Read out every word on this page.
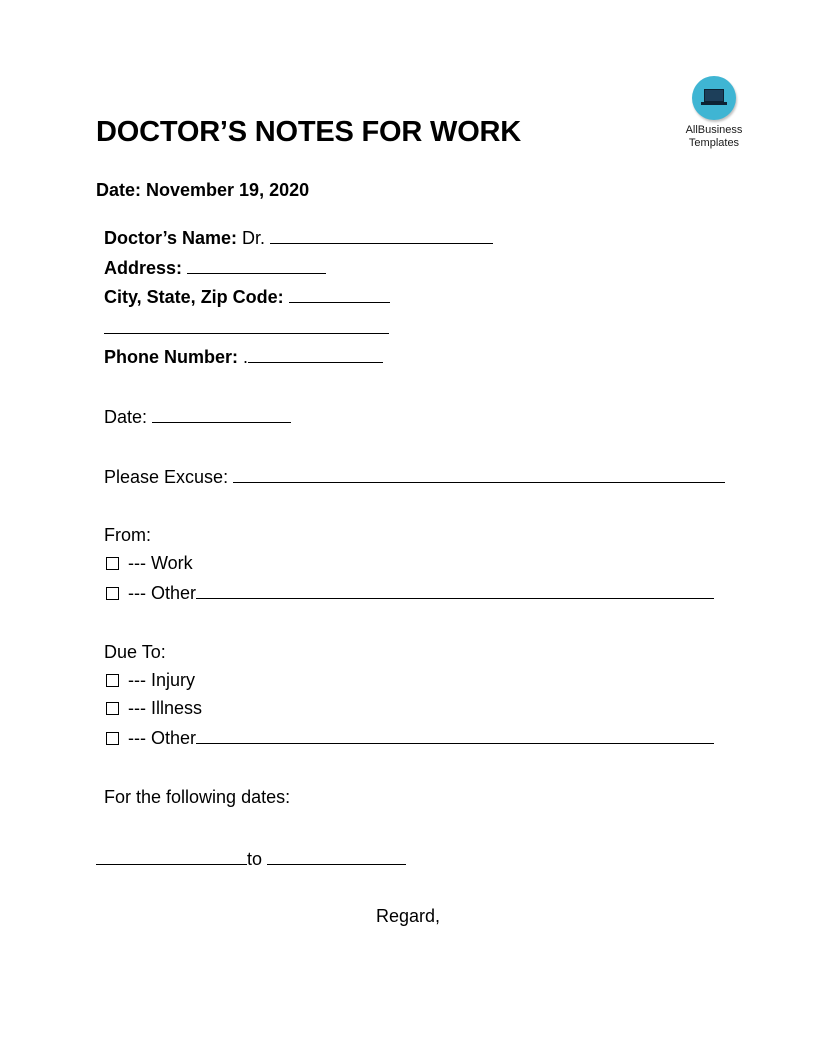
AllBusiness
Templates
DOCTOR’S NOTES FOR WORK
Date: November 19, 2020
Doctor’s Name: Dr.
Address:
City, State, Zip Code:
Phone Number: .
Date:
Please Excuse:
From:
--- Work
--- Other
Due To:
--- Injury
--- Illness
--- Other
For the following dates:
to
Regard,
